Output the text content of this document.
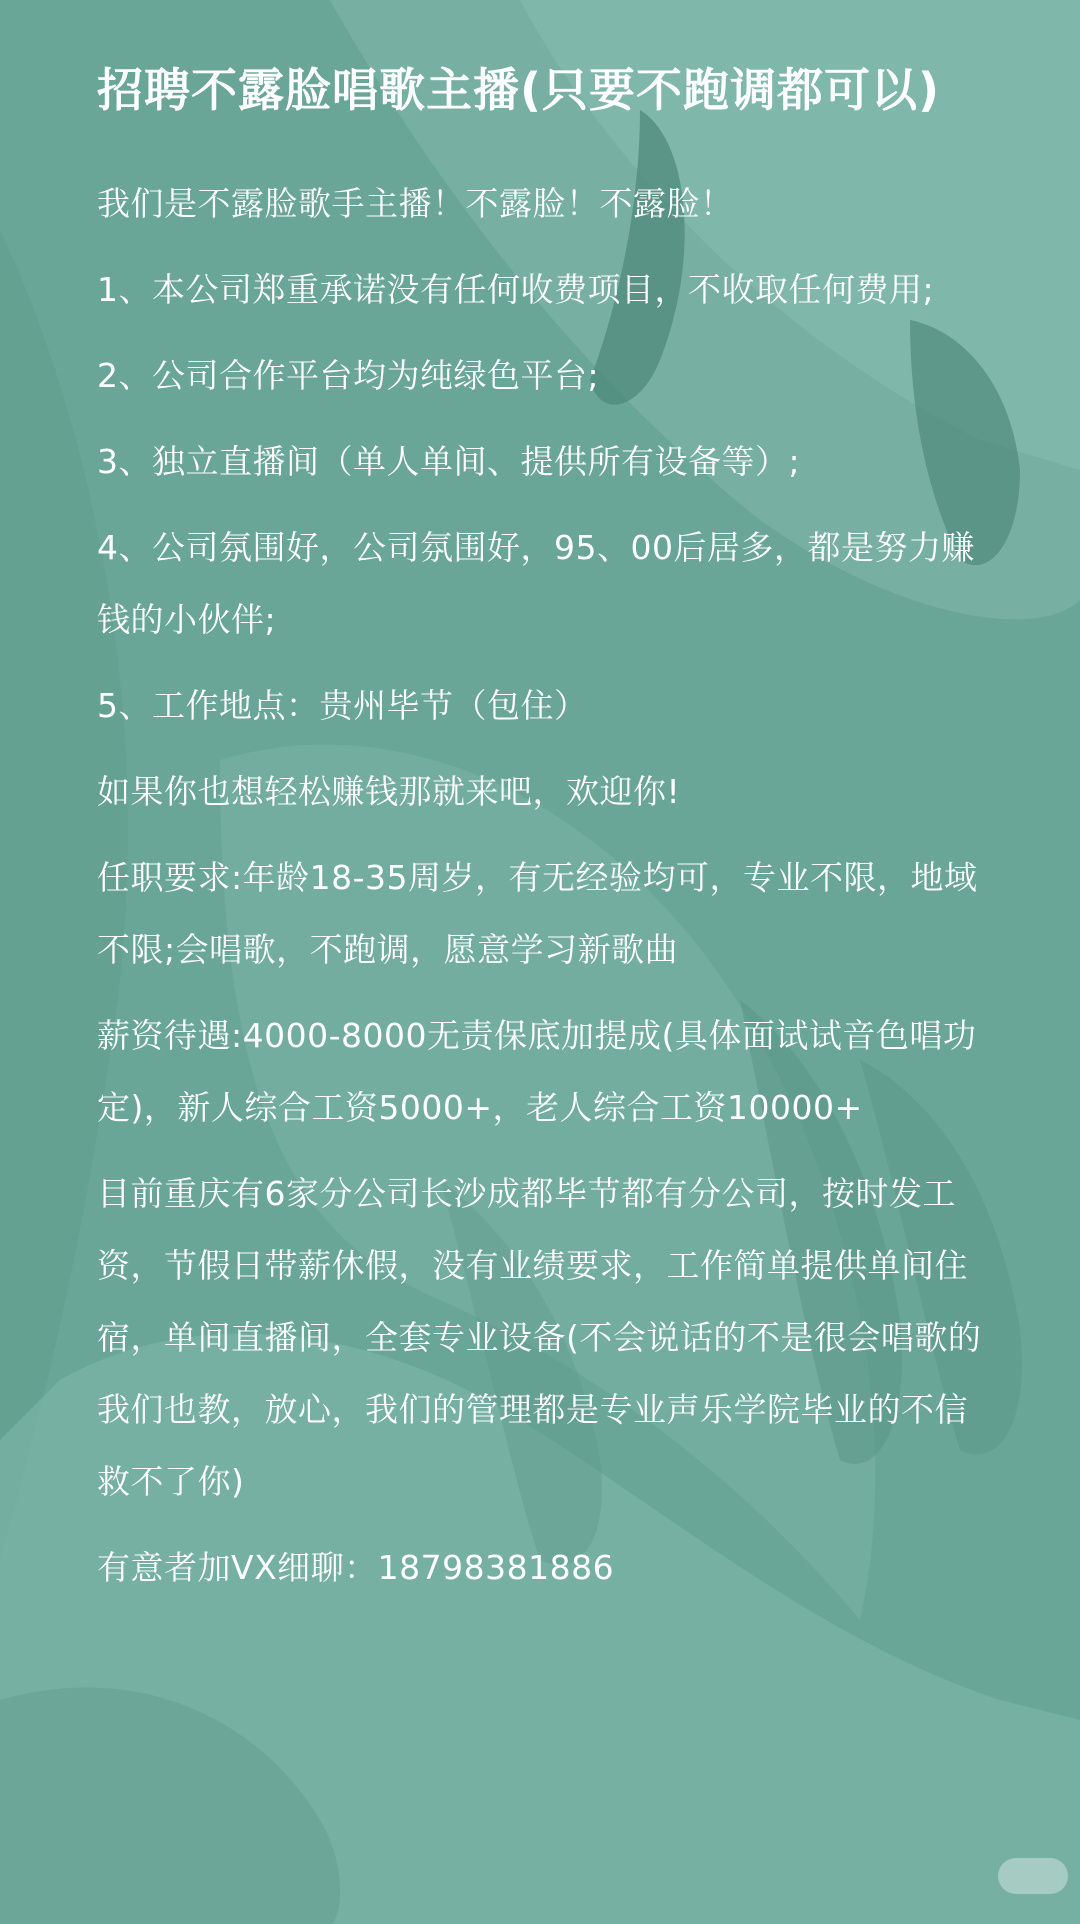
招聘不露脸唱歌主播(只要不跑调都可以)
我们是不露脸歌手主播！不露脸！不露脸！
1、本公司郑重承诺没有任何收费项目，不收取任何费用;
2、公司合作平台均为纯绿色平台;
3、独立直播间（单人单间、提供所有设备等）;
4、公司氛围好，公司氛围好，95、00后居多，都是努力赚钱的小伙伴;
5、工作地点：贵州毕节（包住）
如果你也想轻松赚钱那就来吧，欢迎你!
任职要求:年龄18-35周岁，有无经验均可，专业不限，地域不限;会唱歌，不跑调，愿意学习新歌曲
薪资待遇:4000-8000无责保底加提成(具体面试试音色唱功定)，新人综合工资5000+，老人综合工资10000+
目前重庆有6家分公司长沙成都毕节都有分公司，按时发工资，节假日带薪休假，没有业绩要求，工作简单提供单间住宿，单间直播间，全套专业设备(不会说话的不是很会唱歌的我们也教，放心，我们的管理都是专业声乐学院毕业的不信救不了你)
有意者加VX细聊：18798381886
